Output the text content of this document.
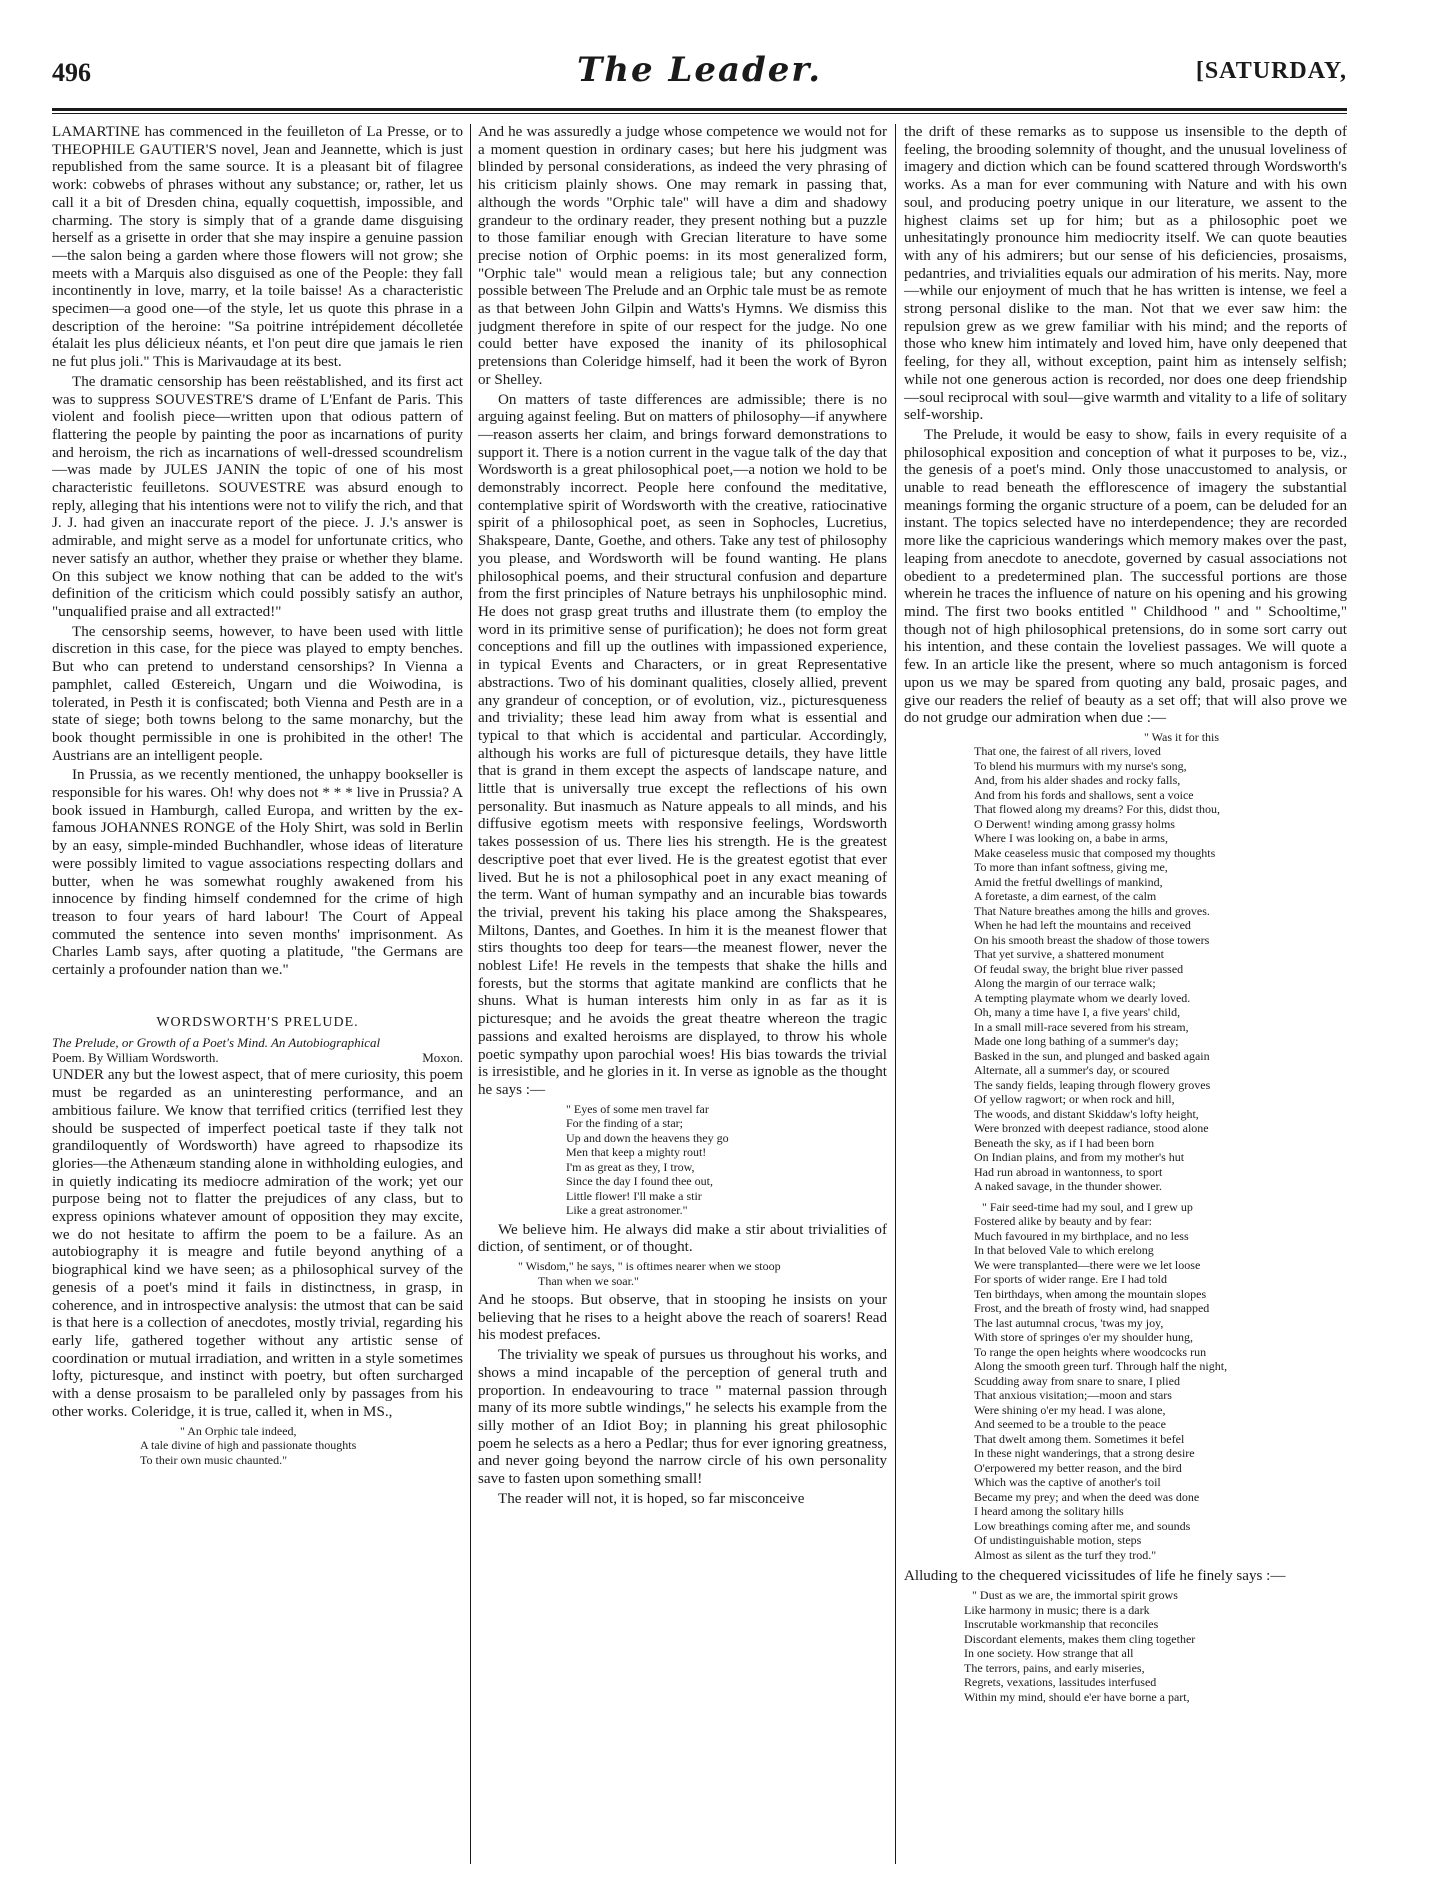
496	The Leader.	[SATURDAY,

LAMARTINE has commenced in the feuilleton of La Presse, or to THEOPHILE GAUTIER'S novel, Jean and Jeannette, which is just republished from the same source. It is a pleasant bit of filagree work: cobwebs of phrases without any substance; or, rather, let us call it a bit of Dresden china, equally coquettish, impossible, and charming. The story is simply that of a grande dame disguising herself as a grisette in order that she may inspire a genuine passion—the salon being a garden where those flowers will not grow; she meets with a Marquis also disguised as one of the People: they fall incontinently in love, marry, et la toile baisse! As a characteristic specimen—a good one—of the style, let us quote this phrase in a description of the heroine: "Sa poitrine intrépidement décolletée étalait les plus délicieux néants, et l'on peut dire que jamais le rien ne fut plus joli." This is Marivaudage at its best.

The dramatic censorship has been reëstablished, and its first act was to suppress SOUVESTRE'S drame of L'Enfant de Paris. This violent and foolish piece—written upon that odious pattern of flattering the people by painting the poor as incarnations of purity and heroism, the rich as incarnations of well-dressed scoundrelism—was made by JULES JANIN the topic of one of his most characteristic feuilletons. SOUVESTRE was absurd enough to reply, alleging that his intentions were not to vilify the rich, and that J. J. had given an inaccurate report of the piece. J. J.'s answer is admirable, and might serve as a model for unfortunate critics, who never satisfy an author, whether they praise or whether they blame. On this subject we know nothing that can be added to the wit's definition of the criticism which could possibly satisfy an author, "unqualified praise and all extracted!"

The censorship seems, however, to have been used with little discretion in this case, for the piece was played to empty benches. But who can pretend to understand censorships? In Vienna a pamphlet, called Œstereich, Ungarn und die Woiwodina, is tolerated, in Pesth it is confiscated; both Vienna and Pesth are in a state of siege; both towns belong to the same monarchy, but the book thought permissible in one is prohibited in the other! The Austrians are an intelligent people.

In Prussia, as we recently mentioned, the unhappy bookseller is responsible for his wares. Oh! why does not * * * live in Prussia? A book issued in Hamburgh, called Europa, and written by the ex-famous JOHANNES RONGE of the Holy Shirt, was sold in Berlin by an easy, simple-minded Buchhandler, whose ideas of literature were possibly limited to vague associations respecting dollars and butter, when he was somewhat roughly awakened from his innocence by finding himself condemned for the crime of high treason to four years of hard labour! The Court of Appeal commuted the sentence into seven months' imprisonment. As Charles Lamb says, after quoting a platitude, "the Germans are certainly a profounder nation than we."

WORDSWORTH'S PRELUDE.
The Prelude, or Growth of a Poet's Mind. An Autobiographical
Moxon.
Poem. By William Wordsworth.

UNDER any but the lowest aspect, that of mere curiosity, this poem must be regarded as an uninteresting performance, and an ambitious failure. We know that terrified critics (terrified lest they should be suspected of imperfect poetical taste if they talk not grandiloquently of Wordsworth) have agreed to rhapsodize its glories—the Athenæum standing alone in withholding eulogies, and in quietly indicating its mediocre admiration of the work; yet our purpose being not to flatter the prejudices of any class, but to express opinions whatever amount of opposition they may excite, we do not hesitate to affirm the poem to be a failure. As an autobiography it is meagre and futile beyond anything of a biographical kind we have seen; as a philosophical survey of the genesis of a poet's mind it fails in distinctness, in grasp, in coherence, and in introspective analysis: the utmost that can be said is that here is a collection of anecdotes, mostly trivial, regarding his early life, gathered together without any artistic sense of coordination or mutual irradiation, and written in a style sometimes lofty, picturesque, and instinct with poetry, but often surcharged with a dense prosaism to be paralleled only by passages from his other works. Coleridge, it is true, called it, when in MS.,

" An Orphic tale indeed,
A tale divine of high and passionate thoughts
To their own music chaunted."

And he was assuredly a judge whose competence we would not for a moment question in ordinary cases; but here his judgment was blinded by personal considerations, as indeed the very phrasing of his criticism plainly shows. One may remark in passing that, although the words "Orphic tale" will have a dim and shadowy grandeur to the ordinary reader, they present nothing but a puzzle to those familiar enough with Grecian literature to have some precise notion of Orphic poems: in its most generalized form, "Orphic tale" would mean a religious tale; but any connection possible between The Prelude and an Orphic tale must be as remote as that between John Gilpin and Watts's Hymns. We dismiss this judgment therefore in spite of our respect for the judge. No one could better have exposed the inanity of its philosophical pretensions than Coleridge himself, had it been the work of Byron or Shelley.

On matters of taste differences are admissible; there is no arguing against feeling. But on matters of philosophy—if anywhere—reason asserts her claim, and brings forward demonstrations to support it. There is a notion current in the vague talk of the day that Wordsworth is a great philosophical poet,—a notion we hold to be demonstrably incorrect. People here confound the meditative, contemplative spirit of Wordsworth with the creative, ratiocinative spirit of a philosophical poet, as seen in Sophocles, Lucretius, Shakspeare, Dante, Goethe, and others. Take any test of philosophy you please, and Wordsworth will be found wanting. He plans philosophical poems, and their structural confusion and departure from the first principles of Nature betrays his unphilosophic mind. He does not grasp great truths and illustrate them (to employ the word in its primitive sense of purification); he does not form great conceptions and fill up the outlines with impassioned experience, in typical Events and Characters, or in great Representative abstractions. Two of his dominant qualities, closely allied, prevent any grandeur of conception, or of evolution, viz., picturesqueness and triviality; these lead him away from what is essential and typical to that which is accidental and particular. Accordingly, although his works are full of picturesque details, they have little that is grand in them except the aspects of landscape nature, and little that is universally true except the reflections of his own personality. But inasmuch as Nature appeals to all minds, and his diffusive egotism meets with responsive feelings, Wordsworth takes possession of us. There lies his strength. He is the greatest descriptive poet that ever lived. He is the greatest egotist that ever lived. But he is not a philosophical poet in any exact meaning of the term. Want of human sympathy and an incurable bias towards the trivial, prevent his taking his place among the Shakspeares, Miltons, Dantes, and Goethes. In him it is the meanest flower that stirs thoughts too deep for tears—the meanest flower, never the noblest Life! He revels in the tempests that shake the hills and forests, but the storms that agitate mankind are conflicts that he shuns. What is human interests him only in as far as it is picturesque; and he avoids the great theatre whereon the tragic passions and exalted heroisms are displayed, to throw his whole poetic sympathy upon parochial woes! His bias towards the trivial is irresistible, and he glories in it. In verse as ignoble as the thought he says :—

" Eyes of some men travel far
For the finding of a star;
Up and down the heavens they go
Men that keep a mighty rout!
I'm as great as they, I trow,
Since the day I found thee out,
Little flower! I'll make a stir
Like a great astronomer."

We believe him. He always did make a stir about trivialities of diction, of sentiment, or of thought.

" Wisdom," he says, " is oftimes nearer when we stoop
Than when we soar."

And he stoops. But observe, that in stooping he insists on your believing that he rises to a height above the reach of soarers! Read his modest prefaces.

The triviality we speak of pursues us throughout his works, and shows a mind incapable of the perception of general truth and proportion. In endeavouring to trace " maternal passion through many of its more subtle windings," he selects his example from the silly mother of an Idiot Boy; in planning his great philosophic poem he selects as a hero a Pedlar; thus for ever ignoring greatness, and never going beyond the narrow circle of his own personality save to fasten upon something small!

The reader will not, it is hoped, so far misconceive

the drift of these remarks as to suppose us insensible to the depth of feeling, the brooding solemnity of thought, and the unusual loveliness of imagery and diction which can be found scattered through Wordsworth's works. As a man for ever communing with Nature and with his own soul, and producing poetry unique in our literature, we assent to the highest claims set up for him; but as a philosophic poet we unhesitatingly pronounce him mediocrity itself. We can quote beauties with any of his admirers; but our sense of his deficiencies, prosaisms, pedantries, and trivialities equals our admiration of his merits. Nay, more—while our enjoyment of much that he has written is intense, we feel a strong personal dislike to the man. Not that we ever saw him: the repulsion grew as we grew familiar with his mind; and the reports of those who knew him intimately and loved him, have only deepened that feeling, for they all, without exception, paint him as intensely selfish; while not one generous action is recorded, nor does one deep friendship—soul reciprocal with soul—give warmth and vitality to a life of solitary self-worship.

The Prelude, it would be easy to show, fails in every requisite of a philosophical exposition and conception of what it purposes to be, viz., the genesis of a poet's mind. Only those unaccustomed to analysis, or unable to read beneath the efflorescence of imagery the substantial meanings forming the organic structure of a poem, can be deluded for an instant. The topics selected have no interdependence; they are recorded more like the capricious wanderings which memory makes over the past, leaping from anecdote to anecdote, governed by casual associations not obedient to a predetermined plan. The successful portions are those wherein he traces the influence of nature on his opening and his growing mind. The first two books entitled " Childhood " and " Schooltime," though not of high philosophical pretensions, do in some sort carry out his intention, and these contain the loveliest passages. We will quote a few. In an article like the present, where so much antagonism is forced upon us we may be spared from quoting any bald, prosaic pages, and give our readers the relief of beauty as a set off; that will also prove we do not grudge our admiration when due :—

" Was it for this
That one, the fairest of all rivers, loved
To blend his murmurs with my nurse's song,
And, from his alder shades and rocky falls,
And from his fords and shallows, sent a voice
That flowed along my dreams? For this, didst thou,
O Derwent! winding among grassy holms
Where I was looking on, a babe in arms,
Make ceaseless music that composed my thoughts
To more than infant softness, giving me,
Amid the fretful dwellings of mankind,
A foretaste, a dim earnest, of the calm
That Nature breathes among the hills and groves.
When he had left the mountains and received
On his smooth breast the shadow of those towers
That yet survive, a shattered monument
Of feudal sway, the bright blue river passed
Along the margin of our terrace walk;
A tempting playmate whom we dearly loved.
Oh, many a time have I, a five years' child,
In a small mill-race severed from his stream,
Made one long bathing of a summer's day;
Basked in the sun, and plunged and basked again
Alternate, all a summer's day, or scoured
The sandy fields, leaping through flowery groves
Of yellow ragwort; or when rock and hill,
The woods, and distant Skiddaw's lofty height,
Were bronzed with deepest radiance, stood alone
Beneath the sky, as if I had been born
On Indian plains, and from my mother's hut
Had run abroad in wantonness, to sport
A naked savage, in the thunder shower.
" Fair seed-time had my soul, and I grew up
Fostered alike by beauty and by fear:
Much favoured in my birthplace, and no less
In that beloved Vale to which erelong
We were transplanted—there were we let loose
For sports of wider range. Ere I had told
Ten birthdays, when among the mountain slopes
Frost, and the breath of frosty wind, had snapped
The last autumnal crocus, 'twas my joy,
With store of springes o'er my shoulder hung,
To range the open heights where woodcocks run
Along the smooth green turf. Through half the night,
Scudding away from snare to snare, I plied
That anxious visitation;—moon and stars
Were shining o'er my head. I was alone,
And seemed to be a trouble to the peace
That dwelt among them. Sometimes it befel
In these night wanderings, that a strong desire
O'erpowered my better reason, and the bird
Which was the captive of another's toil
Became my prey; and when the deed was done
I heard among the solitary hills
Low breathings coming after me, and sounds
Of undistinguishable motion, steps
Almost as silent as the turf they trod."

Alluding to the chequered vicissitudes of life he finely says :—

" Dust as we are, the immortal spirit grows
Like harmony in music; there is a dark
Inscrutable workmanship that reconciles
Discordant elements, makes them cling together
In one society. How strange that all
The terrors, pains, and early miseries,
Regrets, vexations, lassitudes interfused
Within my mind, should e'er have borne a part,
